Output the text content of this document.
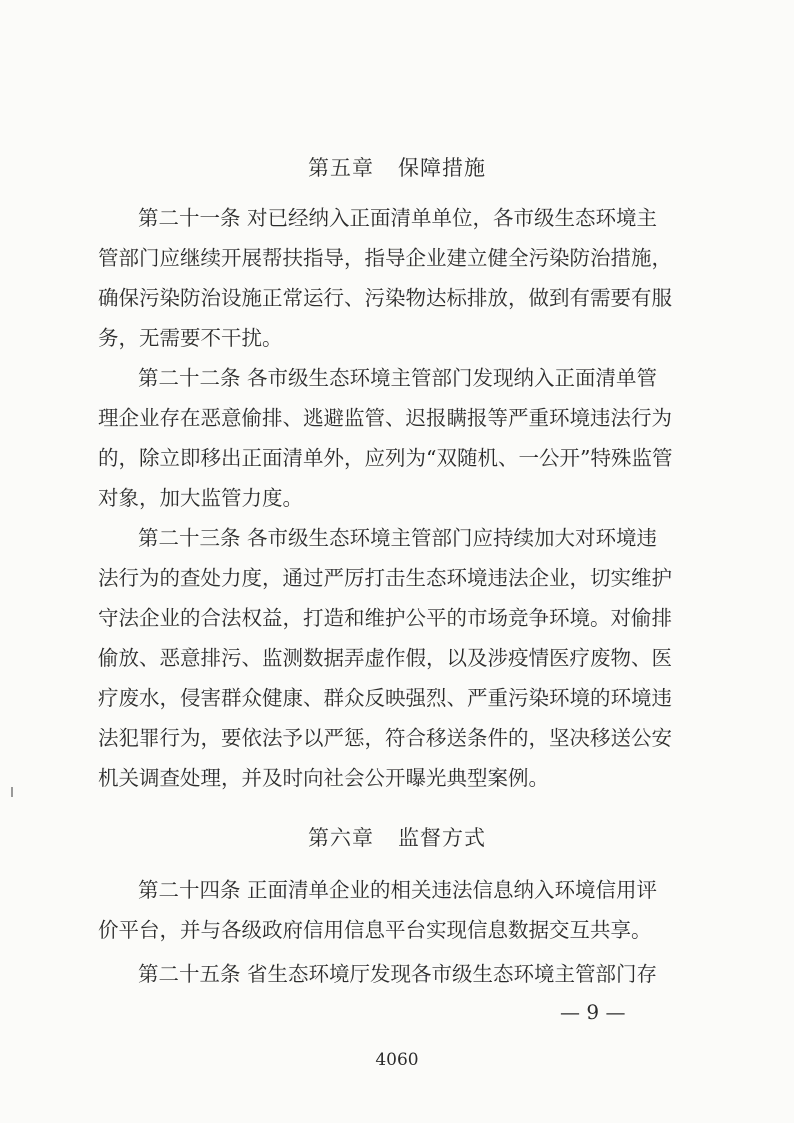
第五章 保障措施
第二十一条 对已经纳入正面清单单位，各市级生态环境主
管部门应继续开展帮扶指导，指导企业建立健全污染防治措施，
确保污染防治设施正常运行、污染物达标排放，做到有需要有服
务，无需要不干扰。
第二十二条 各市级生态环境主管部门发现纳入正面清单管
理企业存在恶意偷排、逃避监管、迟报瞒报等严重环境违法行为
的，除立即移出正面清单外，应列为“双随机、一公开”特殊监管
对象，加大监管力度。
第二十三条 各市级生态环境主管部门应持续加大对环境违
法行为的查处力度，通过严厉打击生态环境违法企业，切实维护
守法企业的合法权益，打造和维护公平的市场竞争环境。对偷排
偷放、恶意排污、监测数据弄虚作假，以及涉疫情医疗废物、医
疗废水，侵害群众健康、群众反映强烈、严重污染环境的环境违
法犯罪行为，要依法予以严惩，符合移送条件的，坚决移送公安
机关调查处理，并及时向社会公开曝光典型案例。
第六章 监督方式
第二十四条 正面清单企业的相关违法信息纳入环境信用评
价平台，并与各级政府信用信息平台实现信息数据交互共享。
第二十五条 省生态环境厅发现各市级生态环境主管部门存
— 9 —
4060
